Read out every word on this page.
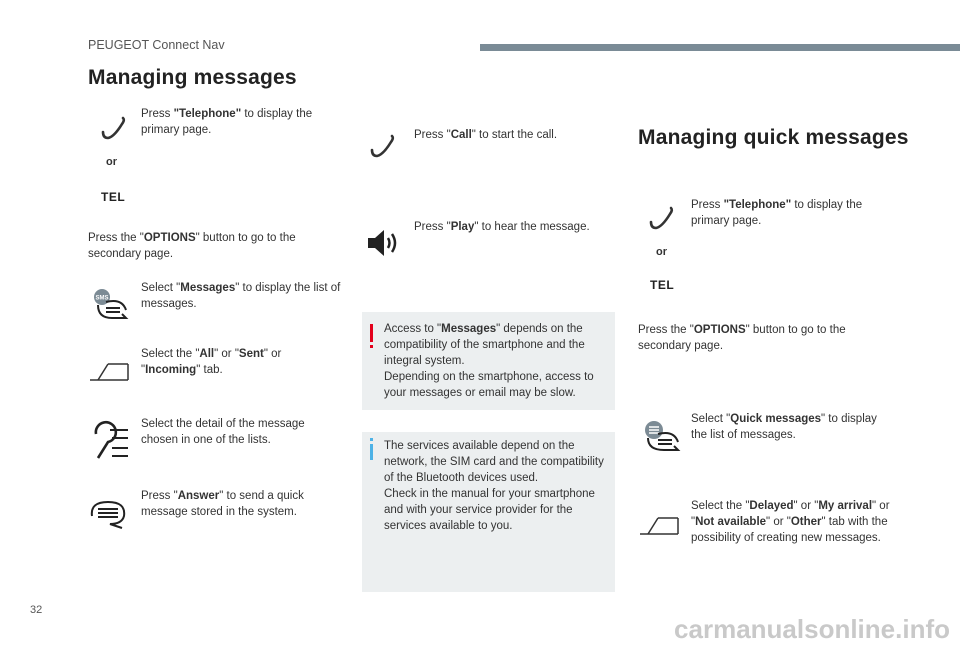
PEUGEOT Connect Nav
Managing messages
or
TEL
Press "Telephone" to display the primary page.
Press the "OPTIONS" button to go to the secondary page.
SMS
Select "Messages" to display the list of messages.
Select the "All" or "Sent" or "Incoming" tab.
Select the detail of the message chosen in one of the lists.
Press "Answer" to send a quick message stored in the system.
Press "Call" to start the call.
Press "Play" to hear the message.
Access to "Messages" depends on the compatibility of the smartphone and the integral system.
Depending on the smartphone, access to your messages or email may be slow.
The services available depend on the network, the SIM card and the compatibility of the Bluetooth devices used.
Check in the manual for your smartphone and with your service provider for the services available to you.
Managing quick messages
or
TEL
Press "Telephone" to display the primary page.
Press the "OPTIONS" button to go to the secondary page.
Select "Quick messages" to display the list of messages.
Select the "Delayed" or "My arrival" or "Not available" or "Other" tab with the possibility of creating new messages.
32
carmanualsonline.info
